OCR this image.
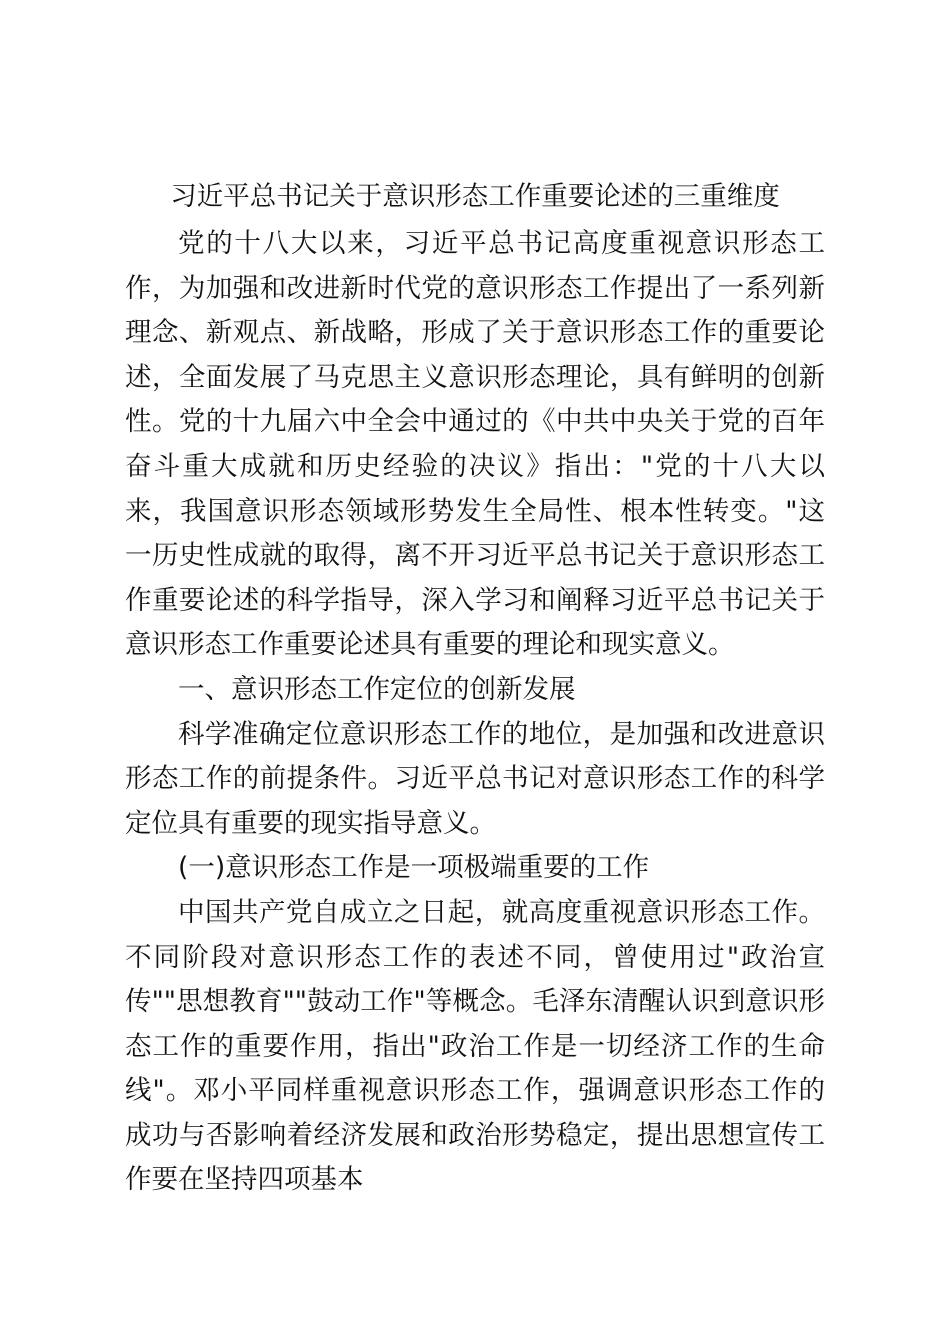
习近平总书记关于意识形态工作重要论述的三重维度

党的十八大以来，习近平总书记高度重视意识形态工作，为加强和改进新时代党的意识形态工作提出了一系列新理念、新观点、新战略，形成了关于意识形态工作的重要论述，全面发展了马克思主义意识形态理论，具有鲜明的创新性。党的十九届六中全会中通过的《中共中央关于党的百年奋斗重大成就和历史经验的决议》指出："党的十八大以来，我国意识形态领域形势发生全局性、根本性转变。"这一历史性成就的取得，离不开习近平总书记关于意识形态工作重要论述的科学指导，深入学习和阐释习近平总书记关于意识形态工作重要论述具有重要的理论和现实意义。

一、意识形态工作定位的创新发展

科学准确定位意识形态工作的地位，是加强和改进意识形态工作的前提条件。习近平总书记对意识形态工作的科学定位具有重要的现实指导意义。

(一)意识形态工作是一项极端重要的工作

中国共产党自成立之日起，就高度重视意识形态工作。不同阶段对意识形态工作的表述不同，曾使用过"政治宣传""思想教育""鼓动工作"等概念。毛泽东清醒认识到意识形态工作的重要作用，指出"政治工作是一切经济工作的生命线"。邓小平同样重视意识形态工作，强调意识形态工作的成功与否影响着经济发展和政治形势稳定，提出思想宣传工作要在坚持四项基本
